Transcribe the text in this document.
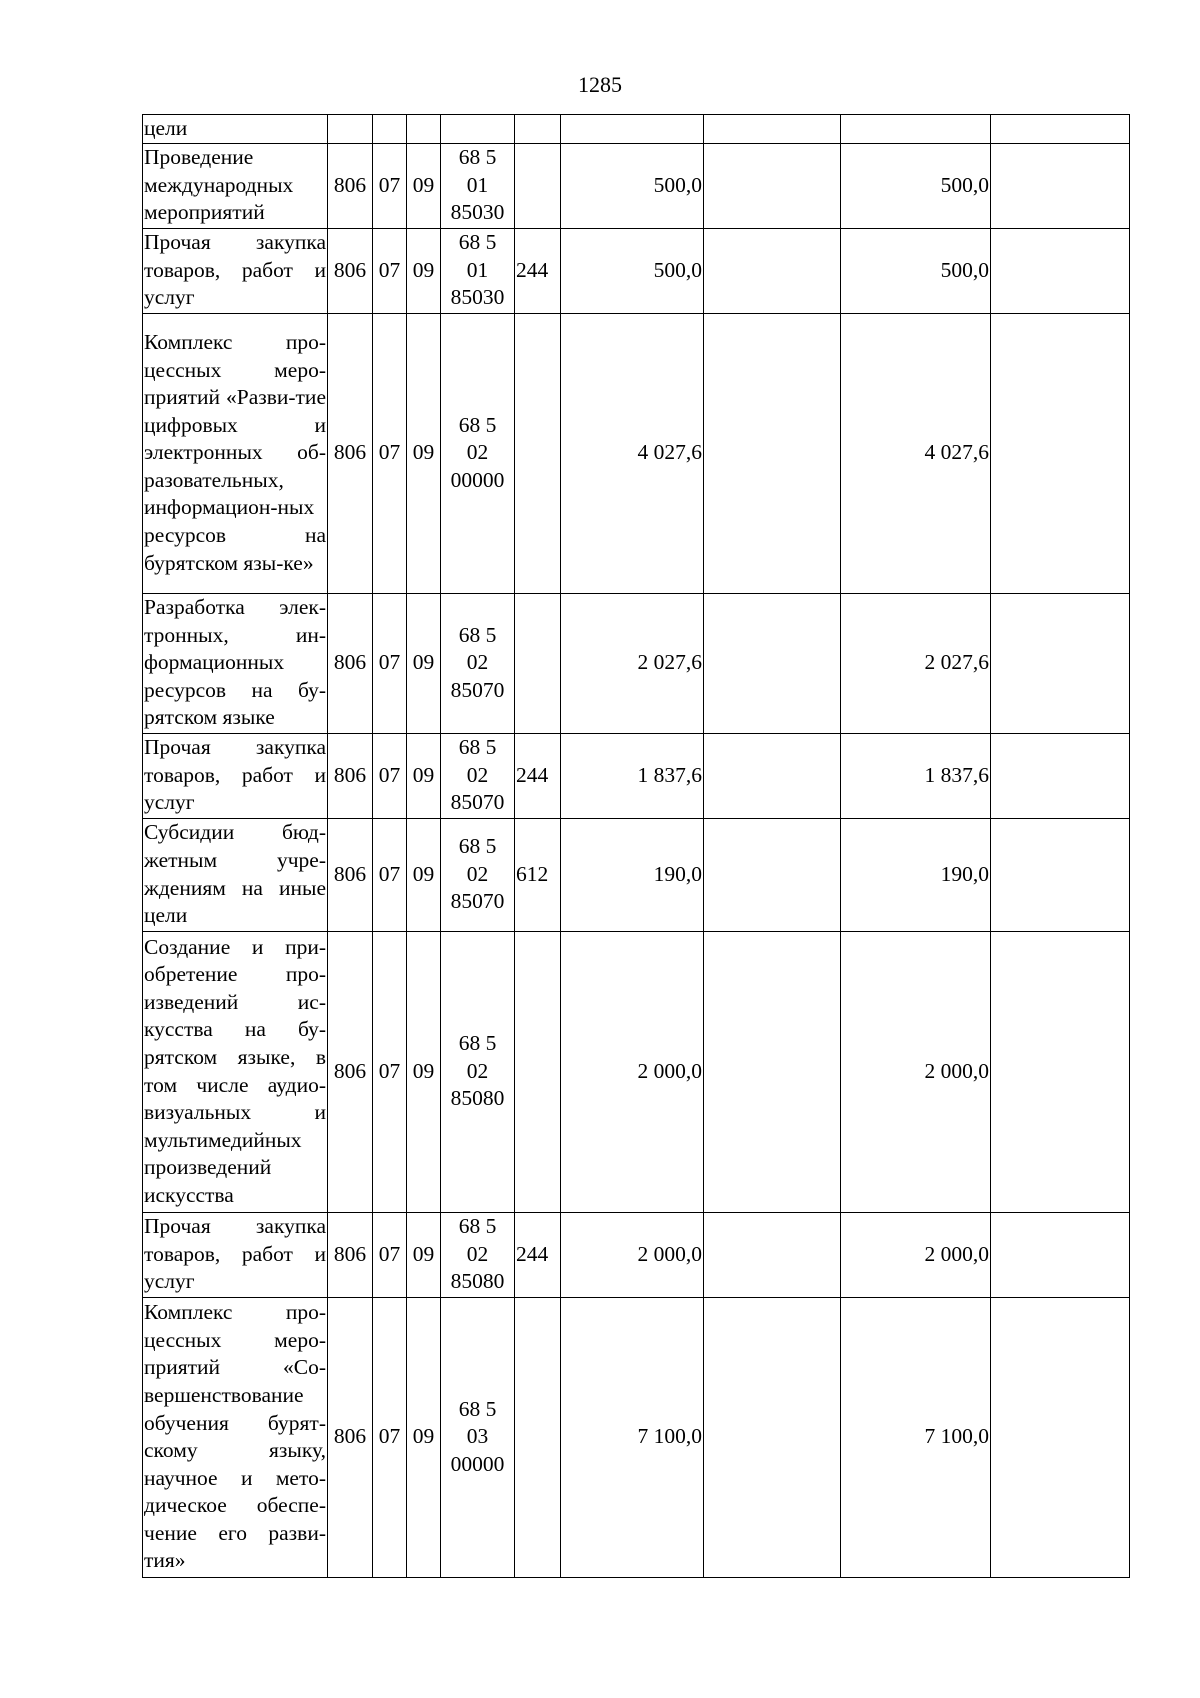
1285
цели									
Проведение международных мероприятий	806	07	09	68 5 01 85030		500,0		500,0	
Прочая закупка товаров, работ и услуг	806	07	09	68 5 01 85030	244	500,0		500,0	
Комплекс про-цессных меро-приятий «Разви-тие цифровых и электронных об-разовательных, информацион-ных ресурсов на бурятском язы-ке»	806	07	09	68 5 02 00000		4 027,6		4 027,6	
Разработка элек-тронных, ин-формационных ресурсов на бу-рятском языке	806	07	09	68 5 02 85070		2 027,6		2 027,6	
Прочая закупка товаров, работ и услуг	806	07	09	68 5 02 85070	244	1 837,6		1 837,6	
Субсидии бюд-жетным учре-ждениям на иные цели	806	07	09	68 5 02 85070	612	190,0		190,0	
Создание и при-обретение про-изведений ис-кусства на бу-рятском языке, в том числе аудио-визуальных и мультимедийных произведений искусства	806	07	09	68 5 02 85080		2 000,0		2 000,0	
Прочая закупка товаров, работ и услуг	806	07	09	68 5 02 85080	244	2 000,0		2 000,0	
Комплекс про-цессных меро-приятий «Со-вершенствование обучения бурят-скому языку, научное и мето-дическое обеспе-чение его разви-тия»	806	07	09	68 5 03 00000		7 100,0		7 100,0	
